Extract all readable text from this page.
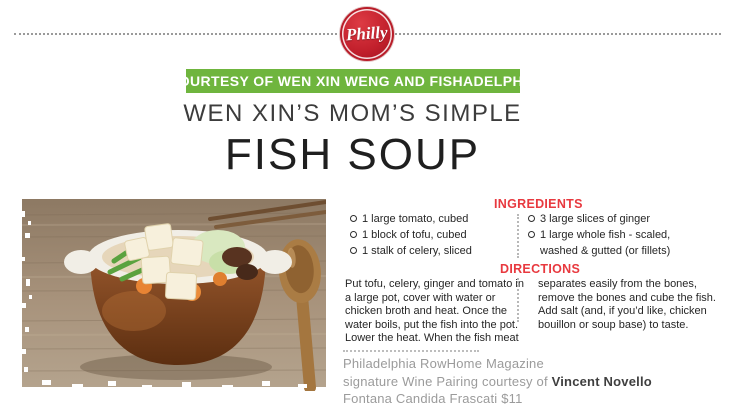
Philly
COURTESY OF WEN XIN WENG AND FISHADELPHIA
WEN XIN’S MOM’S SIMPLE
FISH SOUP
INGREDIENTS
1 large tomato, cubed
1 block of tofu, cubed
1 stalk of celery, sliced
3 large slices of ginger
1 large whole fish - scaled, washed & gutted (or fillets)
DIRECTIONS
Put tofu, celery, ginger and tomato in a large pot, cover with water or chicken broth and heat. Once the water boils, put the fish into the pot. Lower the heat. When the fish meat
separates easily from the bones, remove the bones and cube the fish. Add salt (and, if you’d like, chicken bouillon or soup base) to taste.
Philadelphia RowHome Magazine
signature Wine Pairing courtesy of Vincent Novello
Fontana Candida Frascati $11
